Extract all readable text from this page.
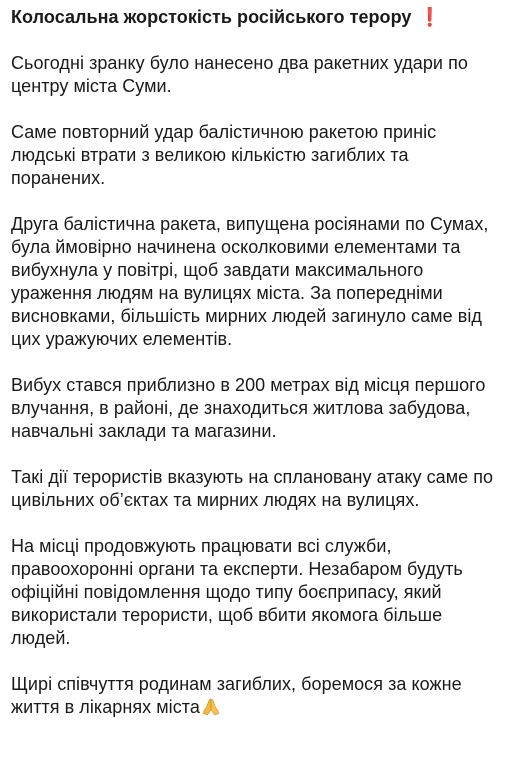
Колосальна жорстокість російського терору ❗

Сьогодні зранку було нанесено два ракетних удари по центру міста Суми.

Саме повторний удар балістичною ракетою приніс людські втрати з великою кількістю загиблих та поранених.

Друга балістична ракета, випущена росіянами по Сумах, була ймовірно начинена осколковими елементами та вибухнула у повітрі, щоб завдати максимального ураження людям на вулицях міста. За попередніми висновками, більшість мирних людей загинуло саме від цих уражуючих елементів.

Вибух стався приблизно в 200 метрах від місця першого влучання, в районі, де знаходиться житлова забудова, навчальні заклади та магазини.

Такі дії терористів вказують на сплановану атаку саме по цивільних об’єктах та мирних людях на вулицях.

На місці продовжують працювати всі служби, правоохоронні органи та експерти. Незабаром будуть офіційні повідомлення щодо типу боєприпасу, який використали терористи, щоб вбити якомога більше людей.

Щирі співчуття родинам загиблих, боремося за кожне життя в лікарнях міста
